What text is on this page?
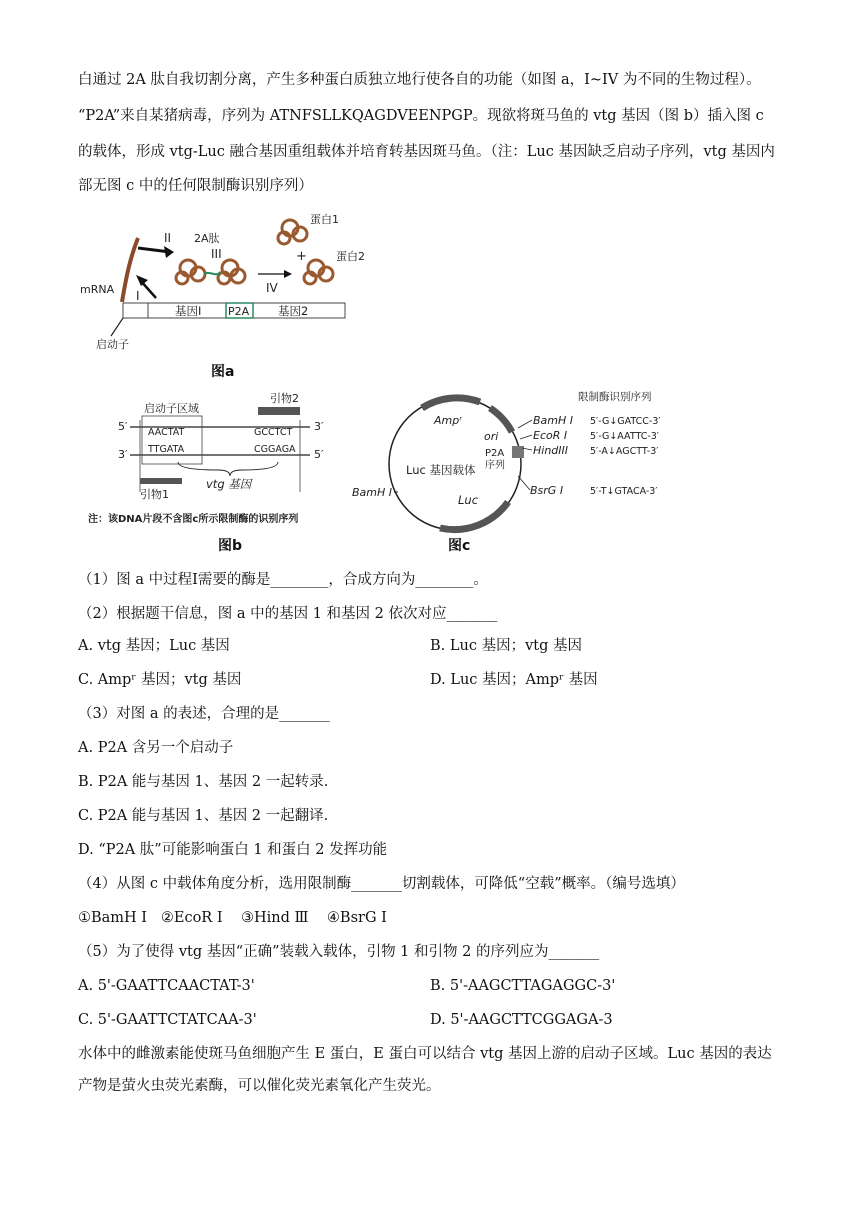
白通过 2A 肽自我切割分离，产生多种蛋白质独立地行使各自的功能（如图 a，I~IV 为不同的生物过程）。
“P2A”来自某猪病毒，序列为 ATNFSLLKQAGDVEENPGP。现欲将斑马鱼的 vtg 基因（图 b）插入图 c
的载体，形成 vtg-Luc 融合基因重组载体并培育转基因斑马鱼。（注：Luc 基因缺乏启动子序列，vtg 基因内
部无图 c 中的任何限制酶识别序列）
基因I P2A	基因2
启动子
mRNA I
II 2A肽
III
IV
+
蛋白1
蛋白2
图a
5′	3′
3′	5′
启动子区域
AACTAT
TTGATA
GCCTCT
CGGAGA
引物2
引物1
vtg 基因
注：该DNA片段不含图c所示限制酶的识别序列
图b
Ampʳ
ori
Luc 基因载体
Luc
P2A
序列
BamH I
BamH I
EcoR I
HindIII
BsrG I
限制酶识别序列
5′-G↓GATCC-3′
5′-G↓AATTC-3′
5′-A↓AGCTT-3′
5′-T↓GTACA-3′
图c
（1）图 a 中过程Ⅰ需要的酶是________，合成方向为________。
（2）根据题干信息，图 a 中的基因 1 和基因 2 依次对应_______
A. vtg 基因；Luc 基因	B. Luc 基因；vtg 基因
C. Ampʳ 基因；vtg 基因	D. Luc 基因；Ampʳ 基因
（3）对图 a 的表述，合理的是_______
A. P2A 含另一个启动子
B. P2A 能与基因 1、基因 2 一起转录.
C. P2A 能与基因 1、基因 2 一起翻译.
D. “P2A 肽”可能影响蛋白 1 和蛋白 2 发挥功能
（4）从图 c 中载体角度分析，选用限制酶_______切割载体，可降低“空载”概率。（编号选填）
①BamH I   ②EcoR I    ③Hind Ⅲ    ④BsrG I
（5）为了使得 vtg 基因“正确”装载入载体，引物 1 和引物 2 的序列应为_______
A. 5'-GAATTCAACTAT-3'	B. 5'-AAGCTTAGAGGC-3'
C. 5'-GAATTCTATCAA-3'	D. 5'-AAGCTTCGGAGA-3
水体中的雌激素能使斑马鱼细胞产生 E 蛋白，E 蛋白可以结合 vtg 基因上游的启动子区域。Luc 基因的表达
产物是萤火虫荧光素酶，可以催化荧光素氧化产生荧光。
